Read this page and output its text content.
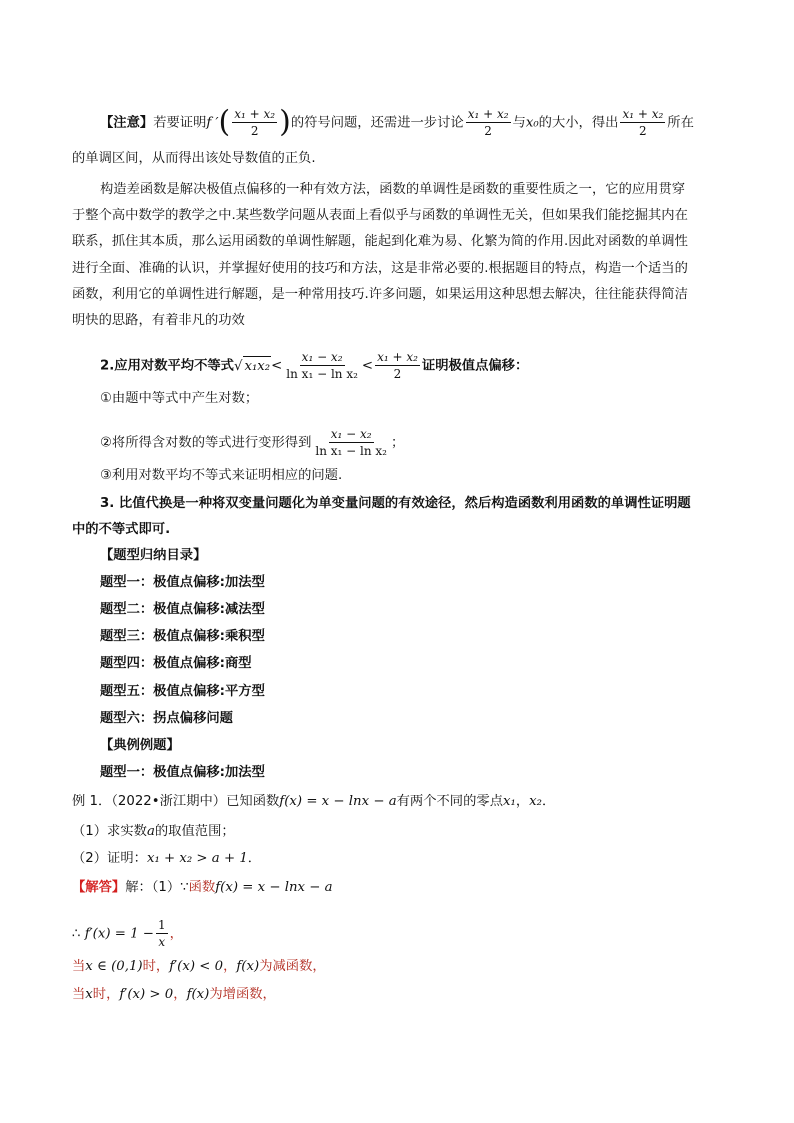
【注意】若要证明f ′( $\frac{\text{x₁ + x₂}}{2}$ )的符号问题，还需进一步讨论 $\frac{\text{x₁ + x₂}}{2}$ 与x₀的大小，得出 $\frac{\text{x₁ + x₂}}{2}$ 所在
的单调区间，从而得出该处导数值的正负.
构造差函数是解决极值点偏移的一种有效方法，函数的单调性是函数的重要性质之一，它的应用贯穿
于整个高中数学的教学之中.某些数学问题从表面上看似乎与函数的单调性无关，但如果我们能挖掘其内在
联系，抓住其本质，那么运用函数的单调性解题，能起到化难为易、化繁为简的作用.因此对函数的单调性
进行全面、准确的认识，并掌握好使用的技巧和方法，这是非常必要的.根据题目的特点，构造一个适当的
函数，利用它的单调性进行解题，是一种常用技巧.许多问题，如果运用这种思想去解决，往往能获得简洁
明快的思路，有着非凡的功效
2.应用对数平均不等式√ $x_1x_2< \frac{\text{x₁ − x₂}}{\text{ln x₁ − ln x₂}} < \frac{\text{x₁ + x₂}}{2}$ 证明极值点偏移：
①由题中等式中产生对数；
②将所得含对数的等式进行变形得到 $\frac{\text{x₁ − x₂}}{\text{ln x₁ − ln x₂}}$ ；
③利用对数平均不等式来证明相应的问题.
3. 比值代换是一种将双变量问题化为单变量问题的有效途径，然后构造函数利用函数的单调性证明题
中的不等式即可.
【题型归纳目录】
题型一：极值点偏移:加法型
题型二：极值点偏移:减法型
题型三：极值点偏移:乘积型
题型四：极值点偏移:商型
题型五：极值点偏移:平方型
题型六：拐点偏移问题
【典例例题】
题型一：极值点偏移:加法型
例 1．（2022•浙江期中）已知函数f(x) = x − lnx − a有两个不同的零点x₁，x₂．
（1）求实数a的取值范围；
（2）证明：x₁ + x₂ > a + 1．
【解答】解：（1）∵函数f(x) = x − lnx − a
∴ $f'(x) = 1 - \frac{1}{x}$ ，
当x ∈ (0,1)时，f′(x) < 0，f(x)为减函数，
当x时，f′(x) > 0，f(x)为增函数，
